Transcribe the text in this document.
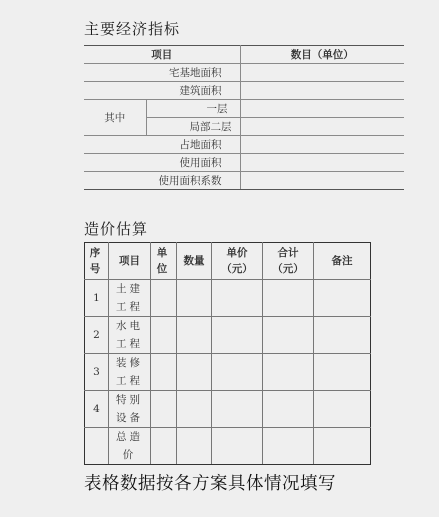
主要经济指标
项目		数目（单位）
宅基地面积		
建筑面积		
其中	一层	
	局部二层	
占地面积		
使用面积		
使用面积系数		
造价估算
序号	项目	单位	数量	单价（元）	合计（元）	备注
1	土建工程					
2	水电工程					
3	装修工程					
4	特别设备					
	总造价					
表格数据按各方案具体情况填写
